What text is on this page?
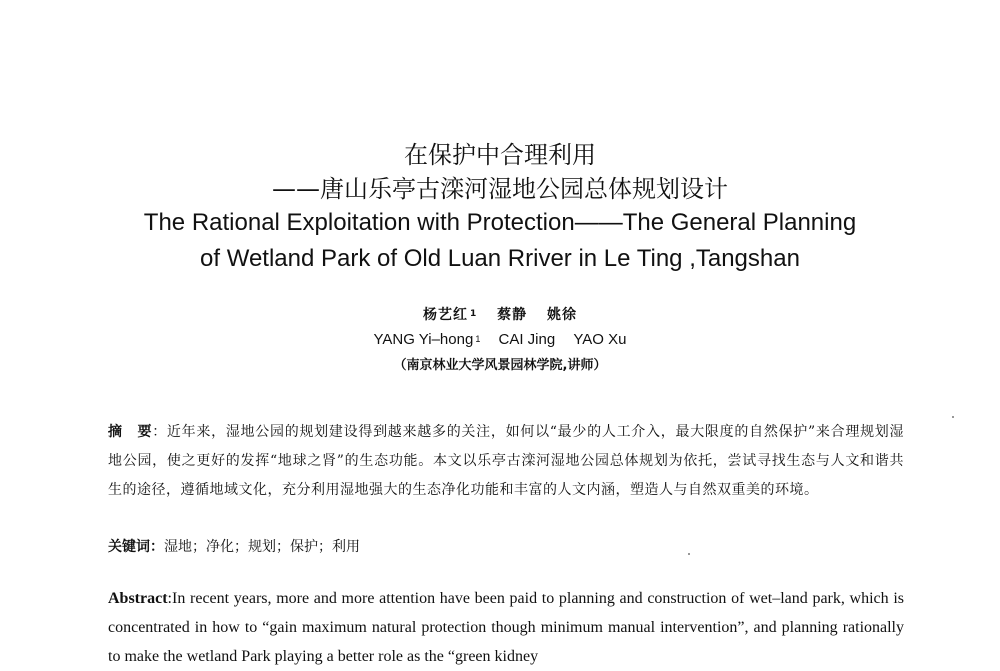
在保护中合理利用
——唐山乐亭古滦河湿地公园总体规划设计
The Rational Exploitation with Protection——The General Planning
of Wetland Park of Old Luan Rriver in Le Ting ,Tangshan
杨艺红 $^1$ 蔡静 姚徐
YANG Yi–hong $^1$ CAI Jing YAO Xu
（南京林业大学风景园林学院,讲师）
摘　要：近年来，湿地公园的规划建设得到越来越多的关注，如何以“最少的人工介入，最大限度的自然保护”来合理规划湿地公园，使之更好的发挥“地球之肾”的生态功能。本文以乐亭古滦河湿地公园总体规划为依托，尝试寻找生态与人文和谐共生的途径，遵循地域文化，充分利用湿地强大的生态净化功能和丰富的人文内涵，塑造人与自然双重美的环境。
关键词：湿地；净化；规划；保护；利用
Abstract:In recent years, more and more attention have been paid to planning and construction of wet–land park, which is concentrated in how to “gain maximum natural protection though minimum manual intervention”, and planning rationally to make the wetland Park playing a better role as the “green kidney
